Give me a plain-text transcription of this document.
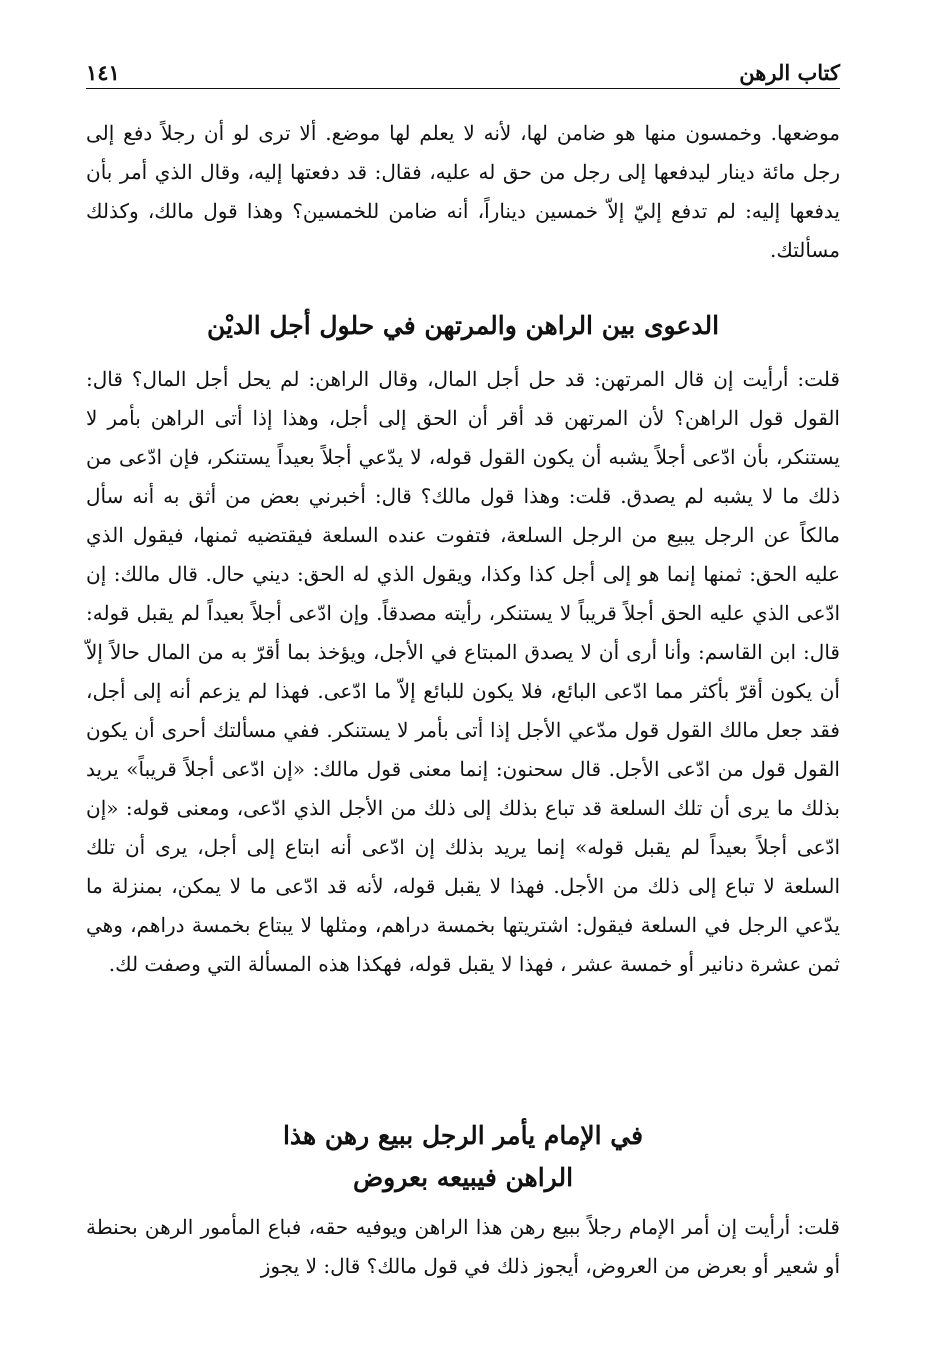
١٤١	كتاب الرهن

موضعها. وخمسون منها هو ضامن لها، لأنه لا يعلم لها موضع. ألا ترى لو أن رجلاً دفع إلى رجل مائة دينار ليدفعها إلى رجل من حق له عليه، فقال: قد دفعتها إليه، وقال الذي أمر بأن يدفعها إليه: لم تدفع إليّ إلاّ خمسين ديناراً، أنه ضامن للخمسين؟ وهذا قول مالك، وكذلك مسألتك.

الدعوى بين الراهن والمرتهن في حلول أجل الديْن

قلت: أرأيت إن قال المرتهن: قد حل أجل المال، وقال الراهن: لم يحل أجل المال؟ قال: القول قول الراهن؟ لأن المرتهن قد أقر أن الحق إلى أجل، وهذا إذا أتى الراهن بأمر لا يستنكر، بأن ادّعى أجلاً يشبه أن يكون القول قوله، لا يدّعي أجلاً بعيداً يستنكر، فإن ادّعى من ذلك ما لا يشبه لم يصدق. قلت: وهذا قول مالك؟ قال: أخبرني بعض من أثق به أنه سأل مالكاً عن الرجل يبيع من الرجل السلعة، فتفوت عنده السلعة فيقتضيه ثمنها، فيقول الذي عليه الحق: ثمنها إنما هو إلى أجل كذا وكذا، ويقول الذي له الحق: ديني حال. قال مالك: إن ادّعى الذي عليه الحق أجلاً قريباً لا يستنكر، رأيته مصدقاً. وإن ادّعى أجلاً بعيداً لم يقبل قوله: قال: ابن القاسم: وأنا أرى أن لا يصدق المبتاع في الأجل، ويؤخذ بما أقرّ به من المال حالاً إلاّ أن يكون أقرّ بأكثر مما ادّعى البائع، فلا يكون للبائع إلاّ ما ادّعى. فهذا لم يزعم أنه إلى أجل، فقد جعل مالك القول قول مدّعي الأجل إذا أتى بأمر لا يستنكر. ففي مسألتك أحرى أن يكون القول قول من ادّعى الأجل. قال سحنون: إنما معنى قول مالك: «إن ادّعى أجلاً قريباً» يريد بذلك ما يرى أن تلك السلعة قد تباع بذلك إلى ذلك من الأجل الذي ادّعى، ومعنى قوله: «إن ادّعى أجلاً بعيداً لم يقبل قوله» إنما يريد بذلك إن ادّعى أنه ابتاع إلى أجل، يرى أن تلك السلعة لا تباع إلى ذلك من الأجل. فهذا لا يقبل قوله، لأنه قد ادّعى ما لا يمكن، بمنزلة ما يدّعي الرجل في السلعة فيقول: اشتريتها بخمسة دراهم، ومثلها لا يبتاع بخمسة دراهم، وهي ثمن عشرة دنانير أو خمسة عشر ، فهذا لا يقبل قوله، فهكذا هذه المسألة التي وصفت لك.

في الإمام يأمر الرجل ببيع رهن هذا
الراهن فيبيعه بعروض

قلت: أرأيت إن أمر الإمام رجلاً ببيع رهن هذا الراهن ويوفيه حقه، فباع المأمور الرهن بحنطة أو شعير أو بعرض من العروض، أيجوز ذلك في قول مالك؟ قال: لا يجوز
